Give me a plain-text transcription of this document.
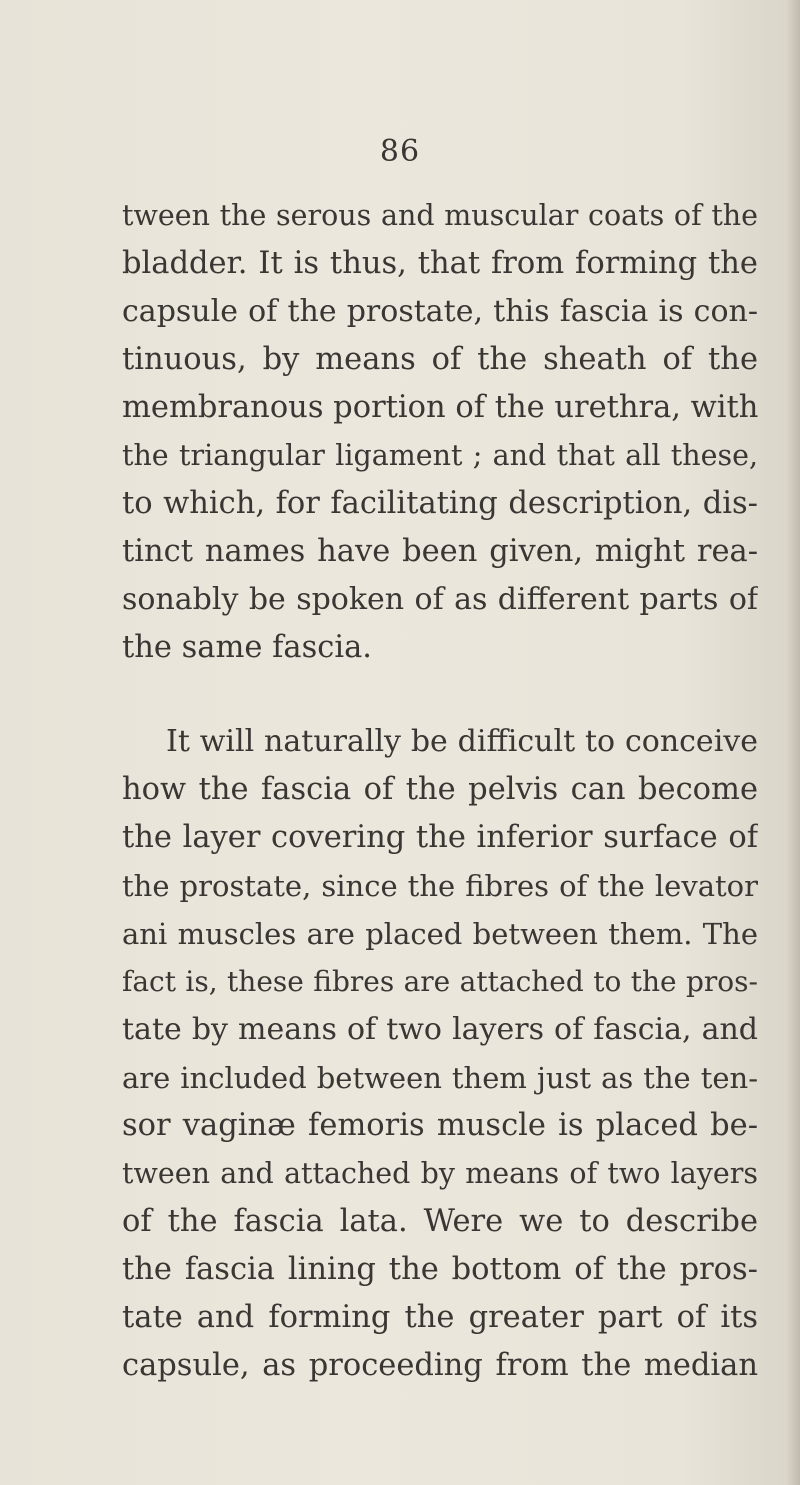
86
tween the serous and muscular coats of the
bladder. It is thus, that from forming the
capsule of the prostate, this fascia is con-
tinuous, by means of the sheath of the
membranous portion of the urethra, with
the triangular ligament ; and that all these,
to which, for facilitating description, dis-
tinct names have been given, might rea-
sonably be spoken of as different parts of
the same fascia.
It will naturally be difficult to conceive
how the fascia of the pelvis can become
the layer covering the inferior surface of
the prostate, since the fibres of the levator
ani muscles are placed between them. The
fact is, these fibres are attached to the pros-
tate by means of two layers of fascia, and
are included between them just as the ten-
sor vaginæ femoris muscle is placed be-
tween and attached by means of two layers
of the fascia lata. Were we to describe
the fascia lining the bottom of the pros-
tate and forming the greater part of its
capsule, as proceeding from the median
